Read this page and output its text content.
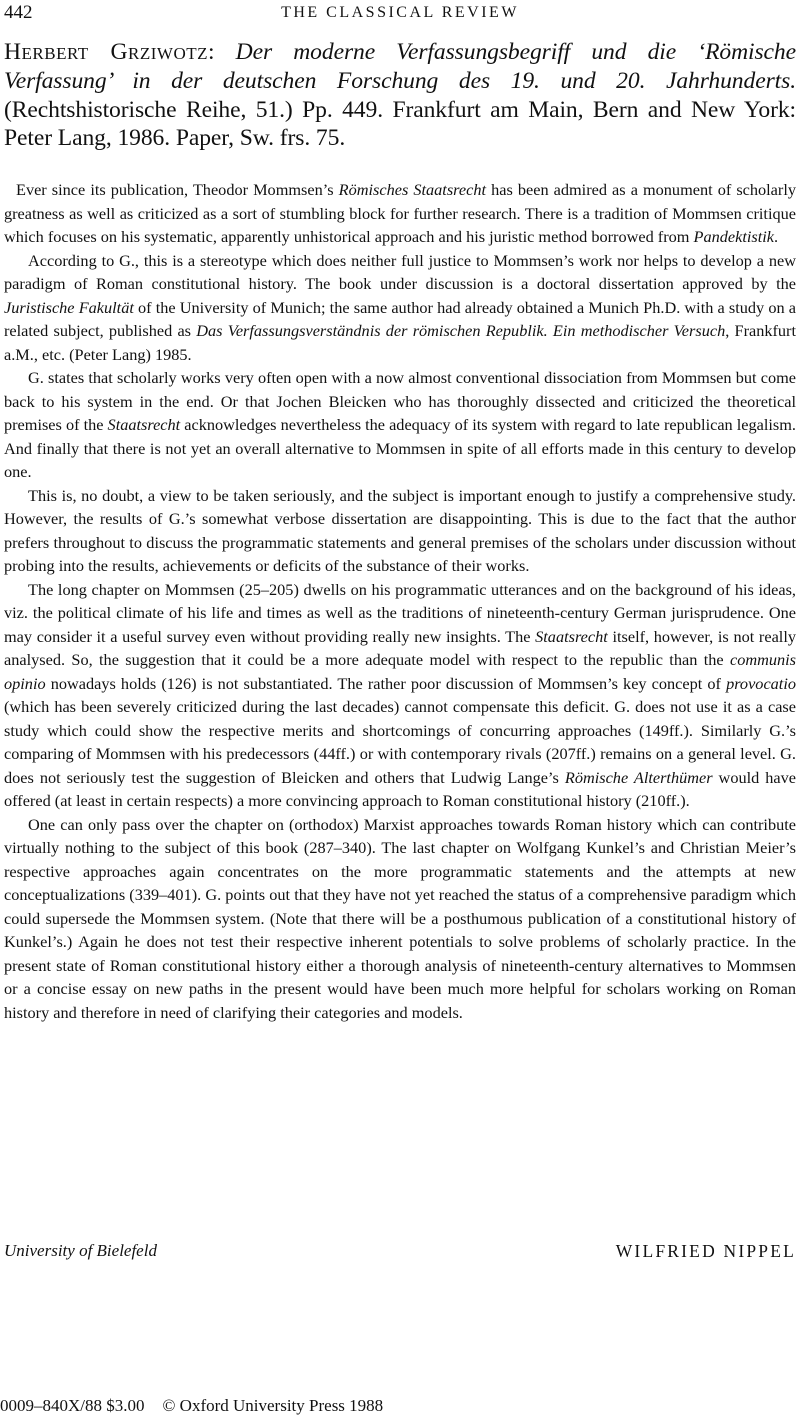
442	THE CLASSICAL REVIEW
Herbert Grziwotz: Der moderne Verfassungsbegriff und die ‘Römische Verfassung’ in der deutschen Forschung des 19. und 20. Jahrhunderts. (Rechtshistorische Reihe, 51.) Pp. 449. Frankfurt am Main, Bern and New York: Peter Lang, 1986. Paper, Sw. frs. 75.

Ever since its publication, Theodor Mommsen’s Römisches Staatsrecht has been admired as a monument of scholarly greatness as well as criticized as a sort of stumbling block for further research. There is a tradition of Mommsen critique which focuses on his systematic, apparently unhistorical approach and his juristic method borrowed from Pandektistik.

According to G., this is a stereotype which does neither full justice to Mommsen’s work nor helps to develop a new paradigm of Roman constitutional history. The book under discussion is a doctoral dissertation approved by the Juristische Fakultät of the University of Munich; the same author had already obtained a Munich Ph.D. with a study on a related subject, published as Das Verfassungsverständnis der römischen Republik. Ein methodischer Versuch, Frankfurt a.M., etc. (Peter Lang) 1985.

G. states that scholarly works very often open with a now almost conventional dissociation from Mommsen but come back to his system in the end. Or that Jochen Bleicken who has thoroughly dissected and criticized the theoretical premises of the Staatsrecht acknowledges nevertheless the adequacy of its system with regard to late republican legalism. And finally that there is not yet an overall alternative to Mommsen in spite of all efforts made in this century to develop one.

This is, no doubt, a view to be taken seriously, and the subject is important enough to justify a comprehensive study. However, the results of G.’s somewhat verbose dissertation are disappointing. This is due to the fact that the author prefers throughout to discuss the programmatic statements and general premises of the scholars under discussion without probing into the results, achievements or deficits of the substance of their works.

The long chapter on Mommsen (25–205) dwells on his programmatic utterances and on the background of his ideas, viz. the political climate of his life and times as well as the traditions of nineteenth-century German jurisprudence. One may consider it a useful survey even without providing really new insights. The Staatsrecht itself, however, is not really analysed. So, the suggestion that it could be a more adequate model with respect to the republic than the communis opinio nowadays holds (126) is not substantiated. The rather poor discussion of Mommsen’s key concept of provocatio (which has been severely criticized during the last decades) cannot compensate this deficit. G. does not use it as a case study which could show the respective merits and shortcomings of concurring approaches (149ff.). Similarly G.’s comparing of Mommsen with his predecessors (44ff.) or with contemporary rivals (207ff.) remains on a general level. G. does not seriously test the suggestion of Bleicken and others that Ludwig Lange’s Römische Alterthümer would have offered (at least in certain respects) a more convincing approach to Roman constitutional history (210ff.).

One can only pass over the chapter on (orthodox) Marxist approaches towards Roman history which can contribute virtually nothing to the subject of this book (287–340). The last chapter on Wolfgang Kunkel’s and Christian Meier’s respective approaches again concentrates on the more programmatic statements and the attempts at new conceptualizations (339–401). G. points out that they have not yet reached the status of a comprehensive paradigm which could supersede the Mommsen system. (Note that there will be a posthumous publication of a constitutional history of Kunkel’s.) Again he does not test their respective inherent potentials to solve problems of scholarly practice. In the present state of Roman constitutional history either a thorough analysis of nineteenth-century alternatives to Mommsen or a concise essay on new paths in the present would have been much more helpful for scholars working on Roman history and therefore in need of clarifying their categories and models.

University of Bielefeld	WILFRIED NIPPEL
0009–840X/88 $3.00 © Oxford University Press 1988
